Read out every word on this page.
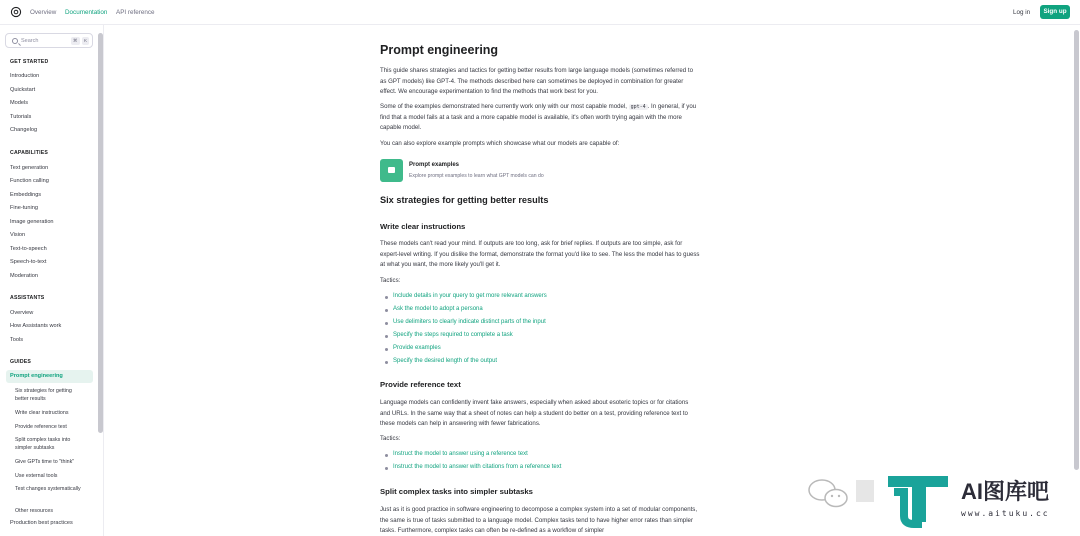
Overview Documentation API reference	Log in	Sign up
Search	⌘	K
GET STARTED
Introduction
Quickstart
Models
Tutorials
Changelog
CAPABILITIES
Text generation
Function calling
Embeddings
Fine-tuning
Image generation
Vision
Text-to-speech
Speech-to-text
Moderation
ASSISTANTS
Overview
How Assistants work
Tools
GUIDES
Prompt engineering
Six strategies for getting better results
Write clear instructions
Provide reference text
Split complex tasks into simpler subtasks
Give GPTs time to "think"
Use external tools
Test changes systematically
Other resources
Production best practices
Prompt engineering

This guide shares strategies and tactics for getting better results from large language models (sometimes referred to as GPT models) like GPT-4. The methods described here can sometimes be deployed in combination for greater effect. We encourage experimentation to find the methods that work best for you.

Some of the examples demonstrated here currently work only with our most capable model, gpt-4 . In general, if you find that a model fails at a task and a more capable model is available, it's often worth trying again with the more capable model.

You can also explore example prompts which showcase what our models are capable of:

Prompt examples
Explore prompt examples to learn what GPT models can do
Six strategies for getting better results
Write clear instructions

These models can't read your mind. If outputs are too long, ask for brief replies. If outputs are too simple, ask for expert-level writing. If you dislike the format, demonstrate the format you'd like to see. The less the model has to guess at what you want, the more likely you'll get it.

Tactics:

Include details in your query to get more relevant answers
Ask the model to adopt a persona
Use delimiters to clearly indicate distinct parts of the input
Specify the steps required to complete a task
Provide examples
Specify the desired length of the output
Provide reference text

Language models can confidently invent fake answers, especially when asked about esoteric topics or for citations and URLs. In the same way that a sheet of notes can help a student do better on a test, providing reference text to these models can help in answering with fewer fabrications.

Tactics:

Instruct the model to answer using a reference text
Instruct the model to answer with citations from a reference text
Split complex tasks into simpler subtasks

Just as it is good practice in software engineering to decompose a complex system into a set of modular components, the same is true of tasks submitted to a language model. Complex tasks tend to have higher error rates than simpler tasks. Furthermore, complex tasks can often be re-defined as a workflow of simpler

AI图库吧
www.aituku.cc
